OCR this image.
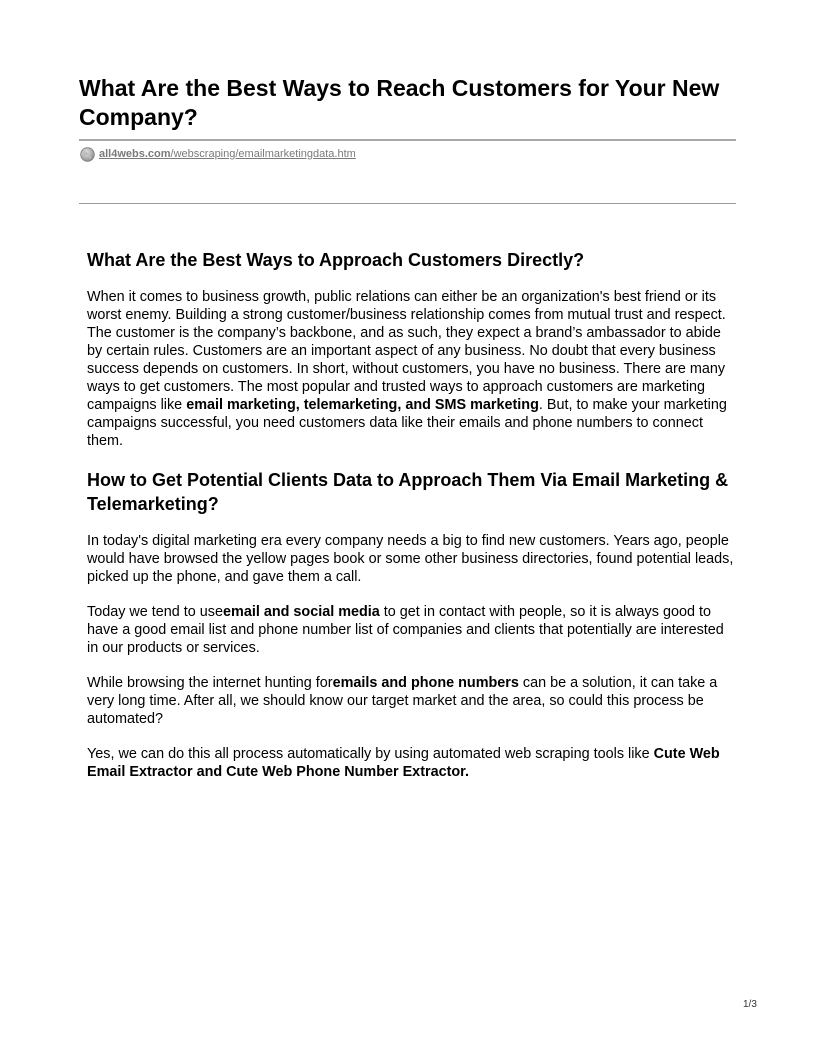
What Are the Best Ways to Reach Customers for Your New Company?
all4webs.com/webscraping/emailmarketingdata.htm
What Are the Best Ways to Approach Customers Directly?

When it comes to business growth, public relations can either be an organization's best friend or its worst enemy. Building a strong customer/business relationship comes from mutual trust and respect. The customer is the company’s backbone, and as such, they expect a brand’s ambassador to abide by certain rules. Customers are an important aspect of any business. No doubt that every business success depends on customers. In short, without customers, you have no business. There are many ways to get customers. The most popular and trusted ways to approach customers are marketing campaigns like email marketing, telemarketing, and SMS marketing. But, to make your marketing campaigns successful, you need customers data like their emails and phone numbers to connect them.

How to Get Potential Clients Data to Approach Them Via Email Marketing & Telemarketing?

In today's digital marketing era every company needs a big to find new customers. Years ago, people would have browsed the yellow pages book or some other business directories, found potential leads, picked up the phone, and gave them a call.

Today we tend to useemail and social media to get in contact with people, so it is always good to have a good email list and phone number list of companies and clients that potentially are interested in our products or services.

While browsing the internet hunting foremails and phone numbers can be a solution, it can take a very long time. After all, we should know our target market and the area, so could this process be automated?

Yes, we can do this all process automatically by using automated web scraping tools like Cute Web Email Extractor and Cute Web Phone Number Extractor.

1/3
